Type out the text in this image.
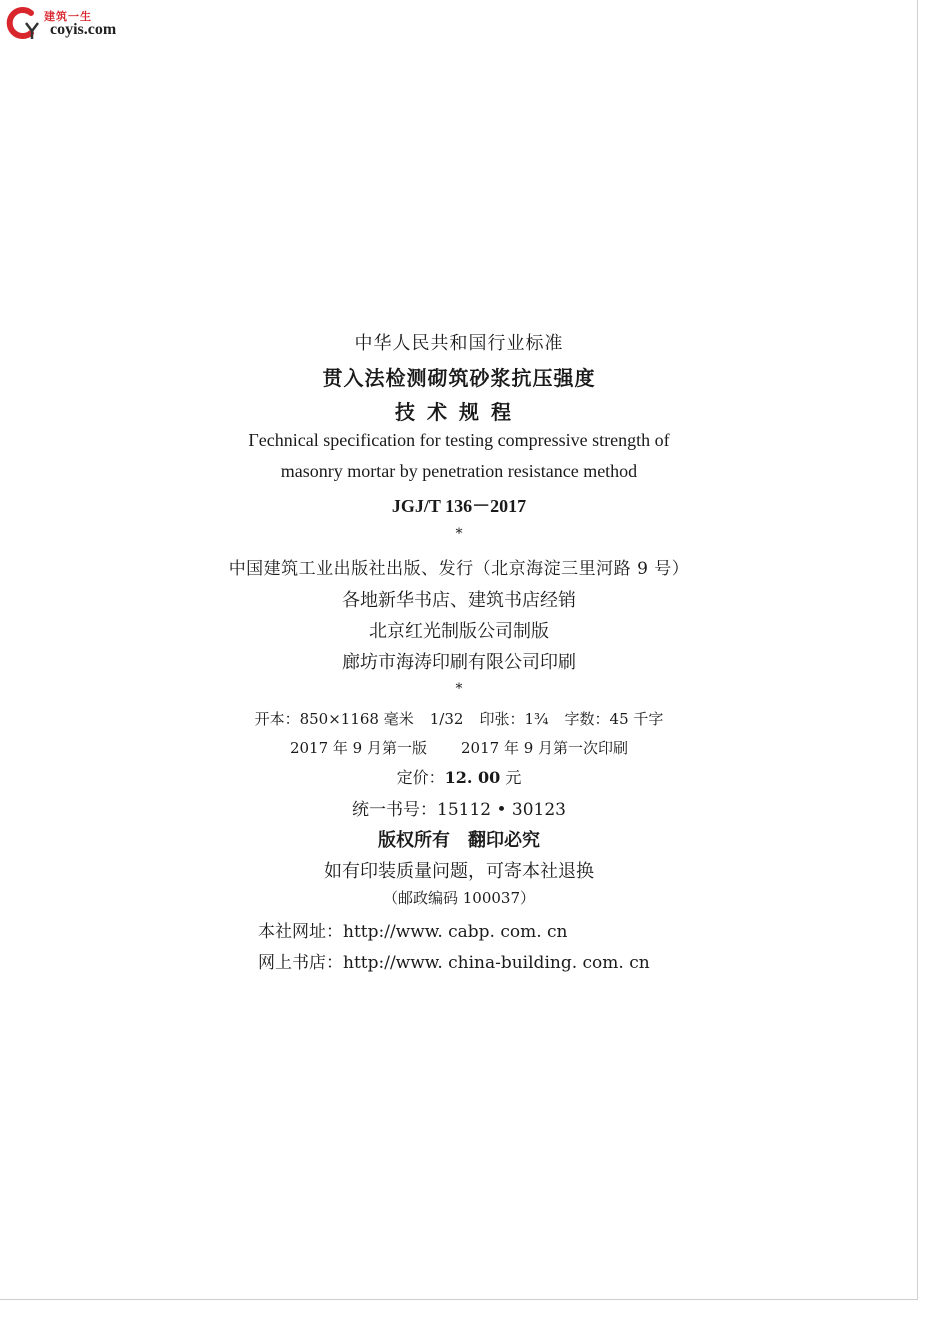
建筑一生
coyis.com
中华人民共和国行业标准
贯入法检测砌筑砂浆抗压强度
技术规程
Γechnical specification for testing compressive strength of
masonry mortar by penetration resistance method
JGJ/T 136－2017
*
中国建筑工业出版社出版、发行（北京海淀三里河路 9 号）
各地新华书店、建筑书店经销
北京红光制版公司制版
廊坊市海涛印刷有限公司印刷
*
开本：850×1168 毫米 1/32 印张：1¾ 字数：45 千字
2017 年 9 月第一版 2017 年 9 月第一次印刷
定价：12. 00 元
统一书号：15112 • 30123
版权所有 翻印必究
如有印装质量问题，可寄本社退换
（邮政编码 100037）
本社网址：http://www. cabp. com. cn
网上书店：http://www. china-building. com. cn
